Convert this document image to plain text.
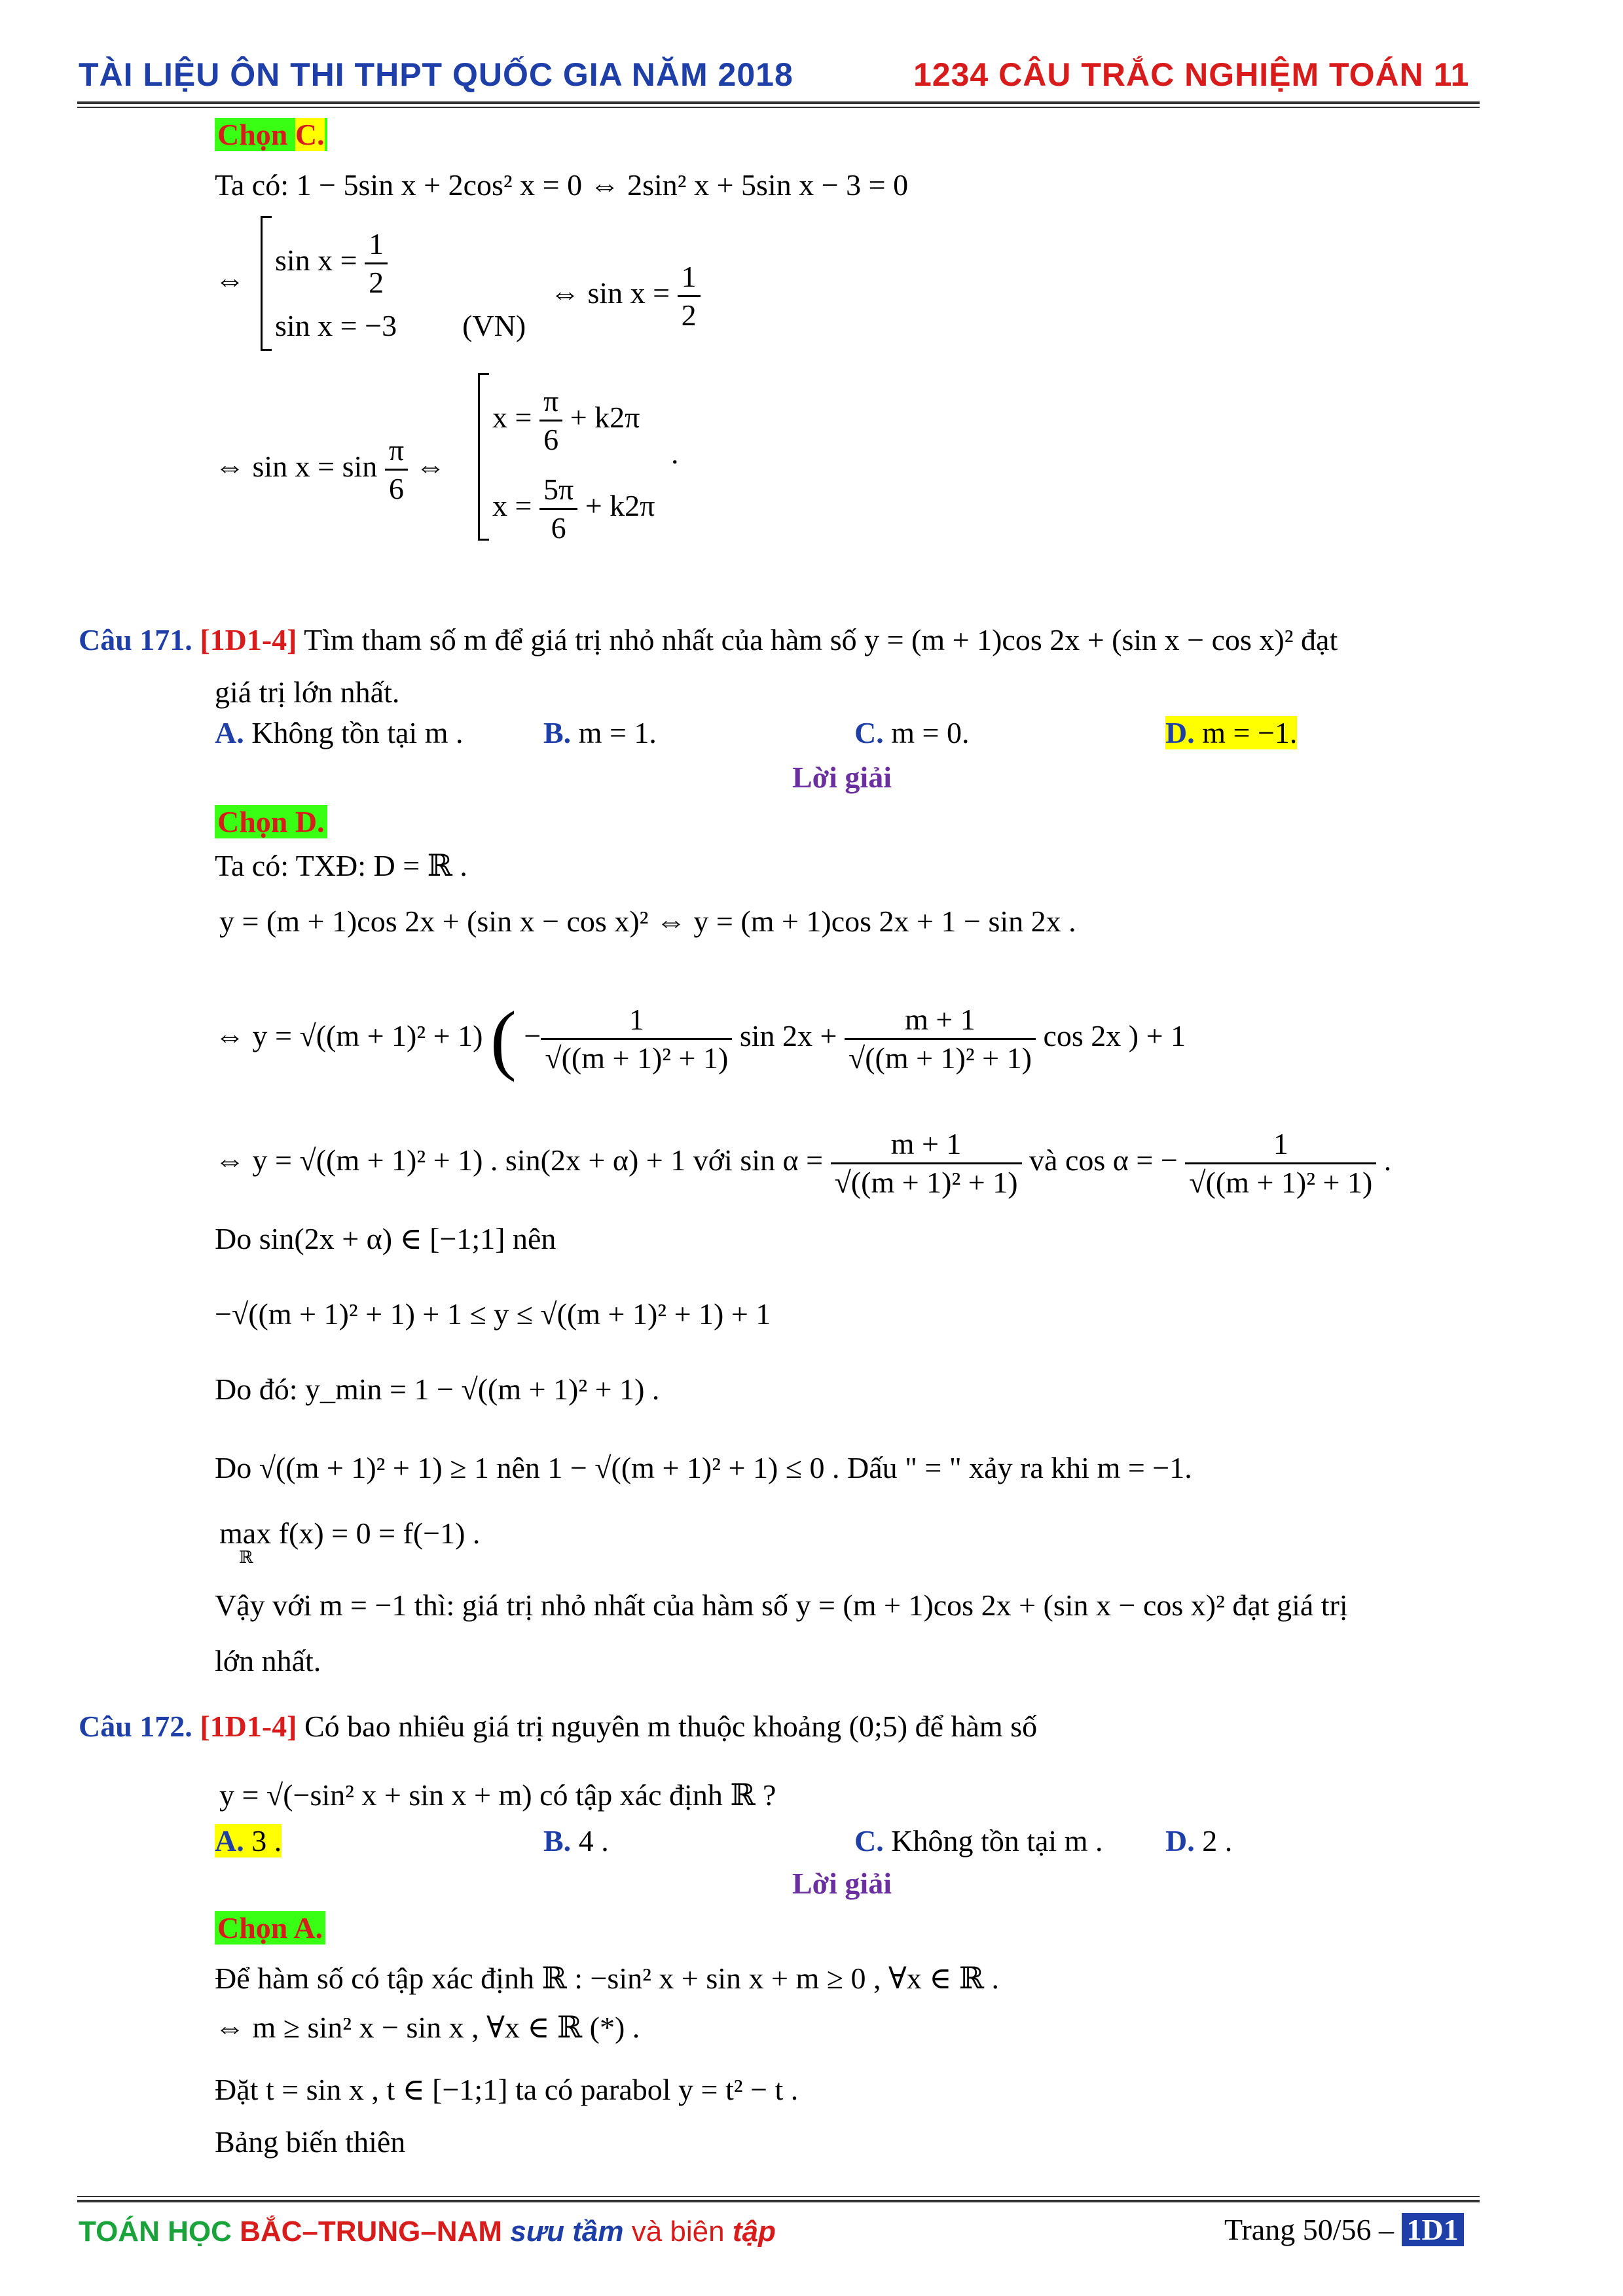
TÀI LIỆU ÔN THI THPT QUỐC GIA NĂM 2018	1234 CÂU TRẮC NGHIỆM TOÁN 11
Chọn C.
Ta có: 1 − 5sin x + 2cos² x = 0 ⇔ 2sin² x + 5sin x − 3 = 0
⇔
$\sin x = \frac{1}{2}$
sin x = −3 (VN)
⇔ $\sin x = \frac{1}{2}$
⇔ $\sin x = \sin \frac{\pi}{6}$ ⇔
$x = \frac{\pi}{6} + k2\pi$
$x = \frac{5\pi}{6} + k2\pi$
.
Câu 171. [1D1-4] Tìm tham số m để giá trị nhỏ nhất của hàm số y = (m + 1)cos 2x + (sin x − cos x)² đạt
giá trị lớn nhất.
A. Không tồn tại m .	B. m = 1.	C. m = 0.	D. m = −1.
Lời giải
Chọn D.
Ta có: TXĐ: D = ℝ .
y = (m + 1)cos 2x + (sin x − cos x)² ⇔ y = (m + 1)cos 2x + 1 − sin 2x .
⇔ y = √((m + 1)² + 1) ( − $\frac{1}{\text{√((m + 1)² + 1)}}$ $\sin 2x + \frac{m + 1}{\text{√((m + 1)² + 1)}}$ cos 2x ) + 1
⇔ y = √((m + 1)² + 1) . sin(2x + α) + 1 với $\sin \alpha = \frac{m + 1}{\text{√((m + 1)² + 1)}}$ và cos α = − $\frac{1}{\text{√((m + 1)² + 1)}}$ .
Do sin(2x + α) ∈ [−1;1] nên
−√((m + 1)² + 1) + 1 ≤ y ≤ √((m + 1)² + 1) + 1
Do đó: y_min = 1 − √((m + 1)² + 1) .
Do √((m + 1)² + 1) ≥ 1 nên 1 − √((m + 1)² + 1) ≤ 0 . Dấu " = " xảy ra khi m = −1.
max f(x) = 0 = f(−1) .
ℝ
Vậy với m = −1 thì: giá trị nhỏ nhất của hàm số y = (m + 1)cos 2x + (sin x − cos x)² đạt giá trị
lớn nhất.
Câu 172. [1D1-4] Có bao nhiêu giá trị nguyên m thuộc khoảng (0;5) để hàm số
y = √(−sin² x + sin x + m) có tập xác định ℝ ?
A. 3 .	B. 4 .	C. Không tồn tại m . D. 2 .
Lời giải
Chọn A.
Để hàm số có tập xác định ℝ : −sin² x + sin x + m ≥ 0 , ∀x ∈ ℝ .
⇔ m ≥ sin² x − sin x , ∀x ∈ ℝ (*) .
Đặt t = sin x , t ∈ [−1;1] ta có parabol y = t² − t .
Bảng biến thiên
TOÁN HỌC BẮC–TRUNG–NAM sưu tầm và biên tập	Trang 50/56 – 1D1
